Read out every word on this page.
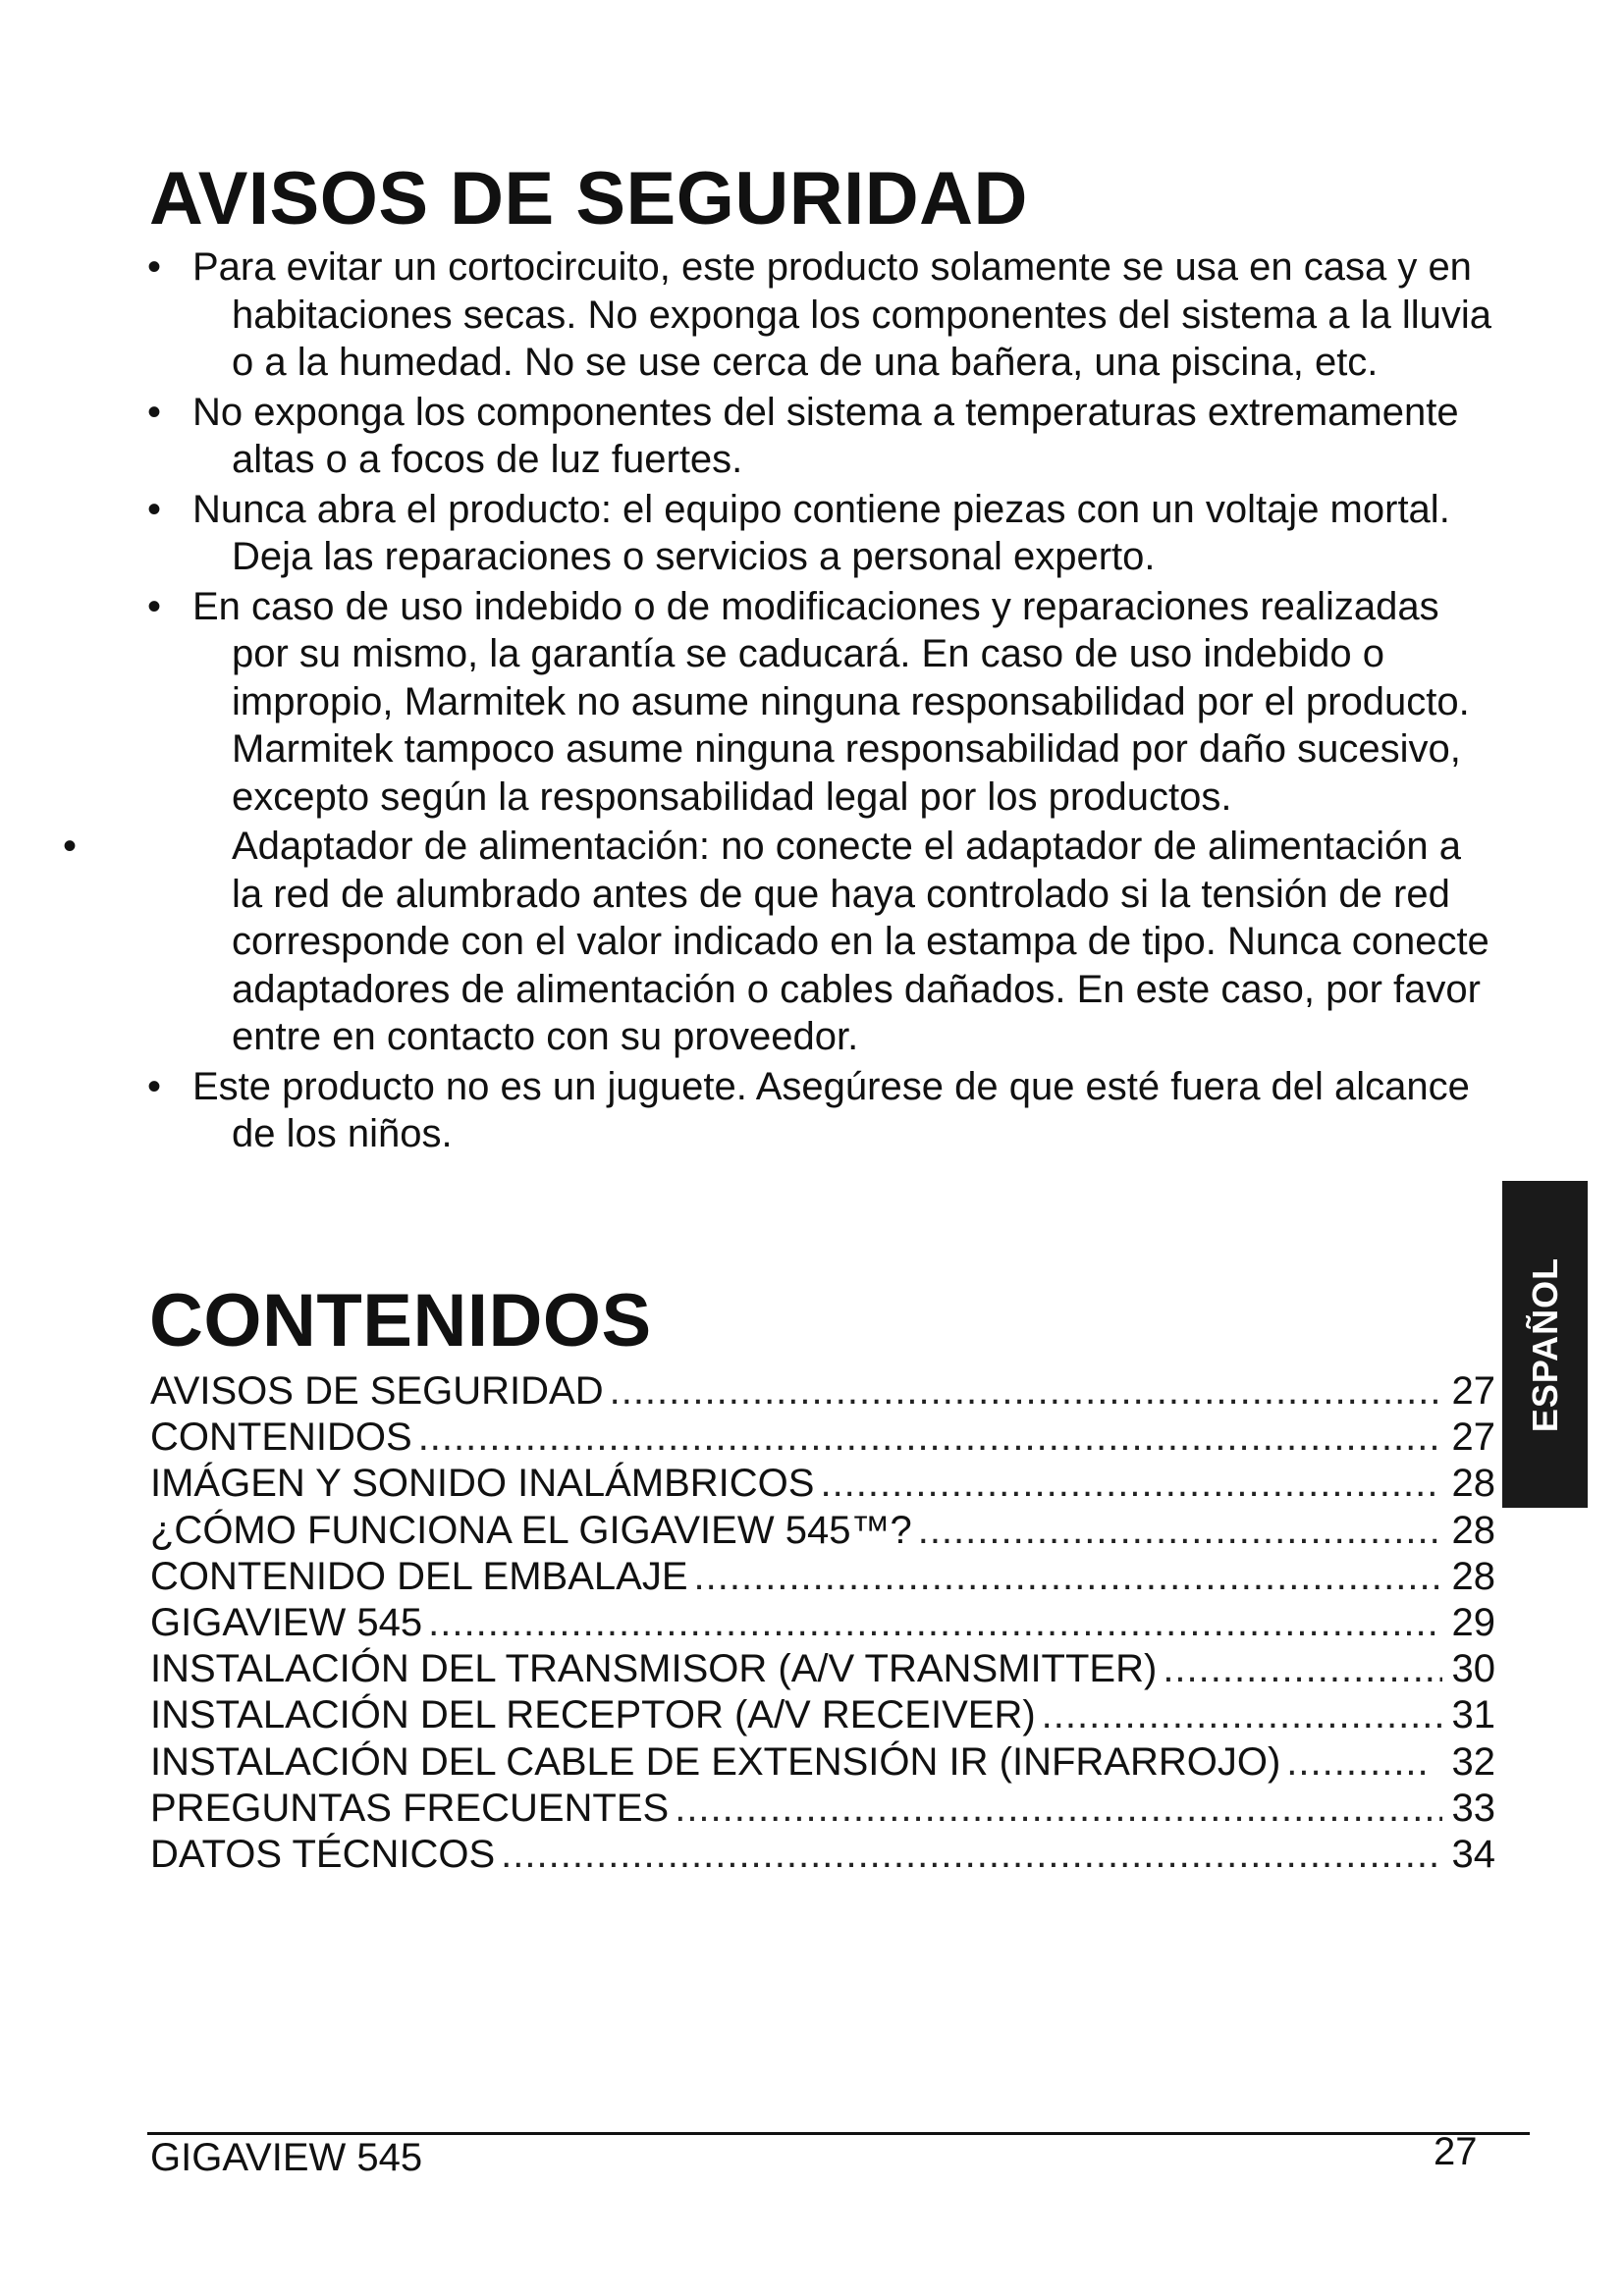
AVISOS DE SEGURIDAD
• Para evitar un cortocircuito, este producto solamente se usa en casa y en habitaciones secas. No exponga los componentes del sistema a la lluvia o a la humedad. No se use cerca de una bañera, una piscina, etc.
• No exponga los componentes del sistema a temperaturas extremamente altas o a focos de luz fuertes.
• Nunca abra el producto: el equipo contiene piezas con un voltaje mortal. Deja las reparaciones o servicios a personal experto.
• En caso de uso indebido o de modificaciones y reparaciones realizadas por su mismo, la garantía se caducará. En caso de uso indebido o impropio, Marmitek no asume ninguna responsabilidad por el producto. Marmitek tampoco asume ninguna responsabilidad por daño sucesivo, excepto según la responsabilidad legal por los productos.
•	Adaptador de alimentación: no conecte el adaptador de alimentación a la red de alumbrado antes de que haya controlado si la tensión de red corresponde con el valor indicado en la estampa de tipo. Nunca conecte adaptadores de alimentación o cables dañados. En este caso, por favor entre en contacto con su proveedor.
• Este producto no es un juguete. Asegúrese de que esté fuera del alcance de los niños.
CONTENIDOS
AVISOS DE SEGURIDAD .....	27
CONTENIDOS .....	27
IMÁGEN Y SONIDO INALÁMBRICOS .....	28
¿CÓMO FUNCIONA EL GIGAVIEW 545™? .....	28
CONTENIDO DEL EMBALAJE .....	28
GIGAVIEW 545 .....	29
INSTALACIÓN DEL TRANSMISOR (A/V TRANSMITTER) .....	30
INSTALACIÓN DEL RECEPTOR (A/V RECEIVER) .....	31
INSTALACIÓN DEL CABLE DE EXTENSIÓN IR (INFRARROJO) .....	32
PREGUNTAS FRECUENTES .....	33
DATOS TÉCNICOS .....	34
ESPAÑOL
GIGAVIEW 545	27
